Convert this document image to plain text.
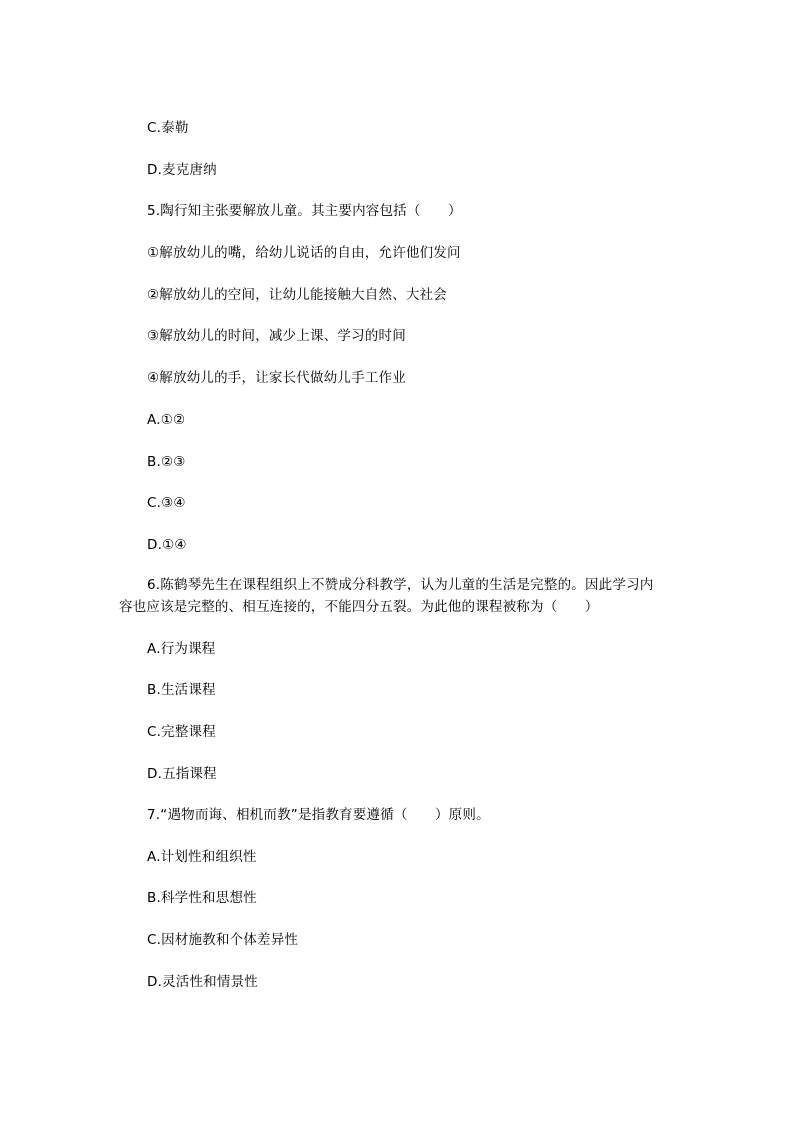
C.泰勒
D.麦克唐纳
5.陶行知主张要解放儿童。其主要内容包括（　　）
①解放幼儿的嘴，给幼儿说话的自由，允许他们发问
②解放幼儿的空间，让幼儿能接触大自然、大社会
③解放幼儿的时间，减少上课、学习的时间
④解放幼儿的手，让家长代做幼儿手工作业
A.①②
B.②③
C.③④
D.①④
6.陈鹤琴先生在课程组织上不赞成分科教学，认为儿童的生活是完整的。因此学习内
容也应该是完整的、相互连接的，不能四分五裂。为此他的课程被称为（　　）
A.行为课程
B.生活课程
C.完整课程
D.五指课程
7.“遇物而诲、相机而教”是指教育要遵循（　　）原则。
A.计划性和组织性
B.科学性和思想性
C.因材施教和个体差异性
D.灵活性和情景性
